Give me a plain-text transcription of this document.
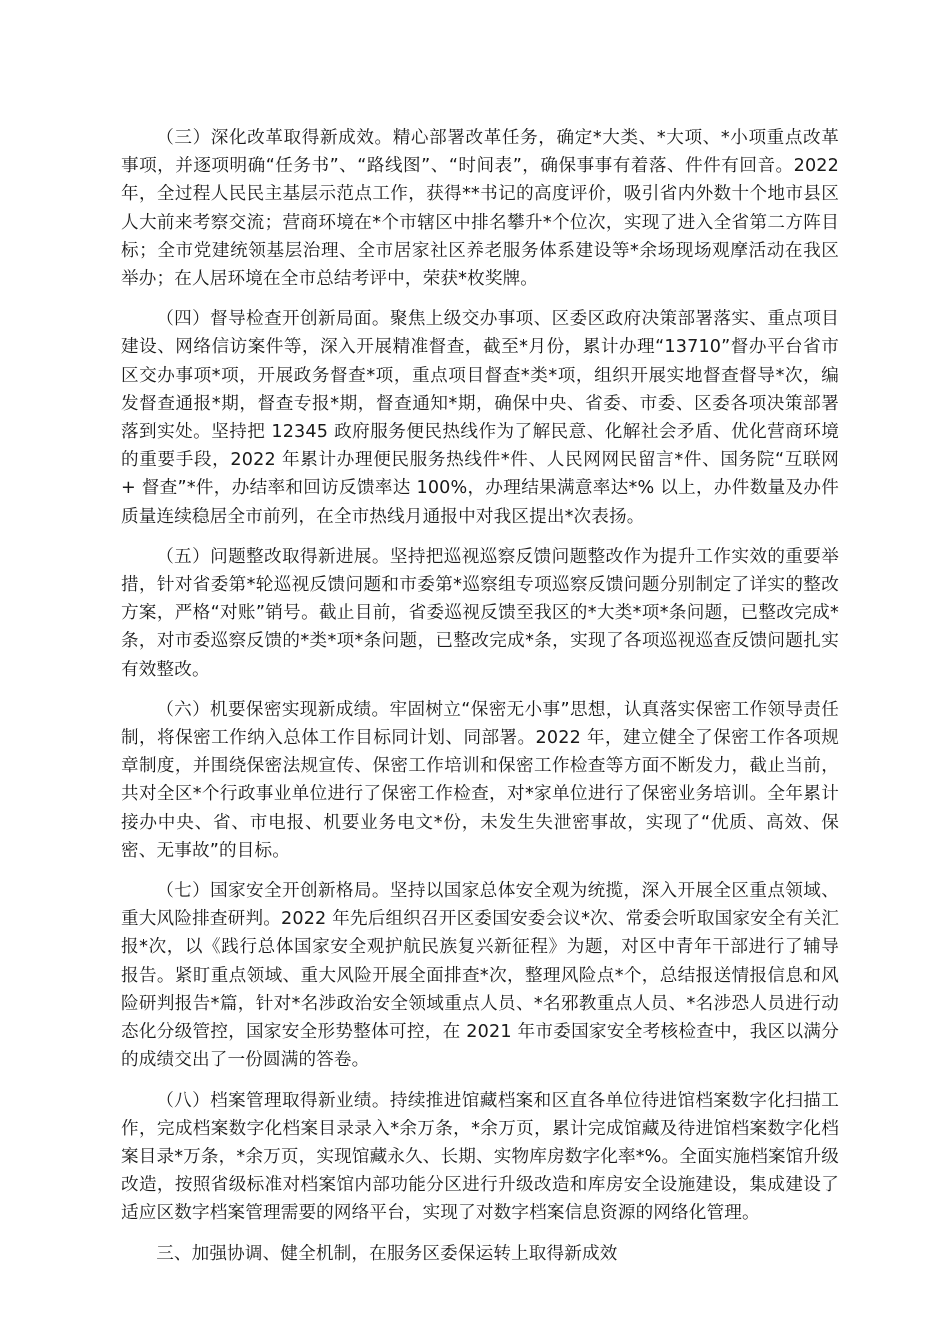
（三）深化改革取得新成效。精心部署改革任务，确定*大类、*大项、*小项重点改革事项，并逐项明确“任务书”、“路线图”、“时间表”，确保事事有着落、件件有回音。2022 年，全过程人民民主基层示范点工作，获得**书记的高度评价，吸引省内外数十个地市县区人大前来考察交流；营商环境在*个市辖区中排名攀升*个位次，实现了进入全省第二方阵目标；全市党建统领基层治理、全市居家社区养老服务体系建设等*余场现场观摩活动在我区举办；在人居环境在全市总结考评中，荣获*枚奖牌。

（四）督导检查开创新局面。聚焦上级交办事项、区委区政府决策部署落实、重点项目建设、网络信访案件等，深入开展精准督查，截至*月份，累计办理“13710”督办平台省市区交办事项*项，开展政务督查*项，重点项目督查*类*项，组织开展实地督查督导*次，编发督查通报*期，督查专报*期，督查通知*期，确保中央、省委、市委、区委各项决策部署落到实处。坚持把 12345 政府服务便民热线作为了解民意、化解社会矛盾、优化营商环境的重要手段，2022 年累计办理便民服务热线件*件、人民网网民留言*件、国务院“互联网 + 督查”*件，办结率和回访反馈率达 100%，办理结果满意率达*% 以上，办件数量及办件质量连续稳居全市前列，在全市热线月通报中对我区提出*次表扬。

（五）问题整改取得新进展。坚持把巡视巡察反馈问题整改作为提升工作实效的重要举措，针对省委第*轮巡视反馈问题和市委第*巡察组专项巡察反馈问题分别制定了详实的整改方案，严格“对账”销号。截止目前，省委巡视反馈至我区的*大类*项*条问题，已整改完成*条，对市委巡察反馈的*类*项*条问题，已整改完成*条，实现了各项巡视巡查反馈问题扎实有效整改。

（六）机要保密实现新成绩。牢固树立“保密无小事”思想，认真落实保密工作领导责任制，将保密工作纳入总体工作目标同计划、同部署。2022 年，建立健全了保密工作各项规章制度，并围绕保密法规宣传、保密工作培训和保密工作检查等方面不断发力，截止当前，共对全区*个行政事业单位进行了保密工作检查，对*家单位进行了保密业务培训。全年累计接办中央、省、市电报、机要业务电文*份，未发生失泄密事故，实现了“优质、高效、保密、无事故”的目标。

（七）国家安全开创新格局。坚持以国家总体安全观为统揽，深入开展全区重点领域、重大风险排查研判。2022 年先后组织召开区委国安委会议*次、常委会听取国家安全有关汇报*次，以《践行总体国家安全观护航民族复兴新征程》为题，对区中青年干部进行了辅导报告。紧盯重点领域、重大风险开展全面排查*次，整理风险点*个，总结报送情报信息和风险研判报告*篇，针对*名涉政治安全领域重点人员、*名邪教重点人员、*名涉恐人员进行动态化分级管控，国家安全形势整体可控，在 2021 年市委国家安全考核检查中，我区以满分的成绩交出了一份圆满的答卷。

（八）档案管理取得新业绩。持续推进馆藏档案和区直各单位待进馆档案数字化扫描工作，完成档案数字化档案目录录入*余万条，*余万页，累计完成馆藏及待进馆档案数字化档案目录*万条，*余万页，实现馆藏永久、长期、实物库房数字化率*%。全面实施档案馆升级改造，按照省级标准对档案馆内部功能分区进行升级改造和库房安全设施建设，集成建设了适应区数字档案管理需要的网络平台，实现了对数字档案信息资源的网络化管理。

三、加强协调、健全机制，在服务区委保运转上取得新成效
